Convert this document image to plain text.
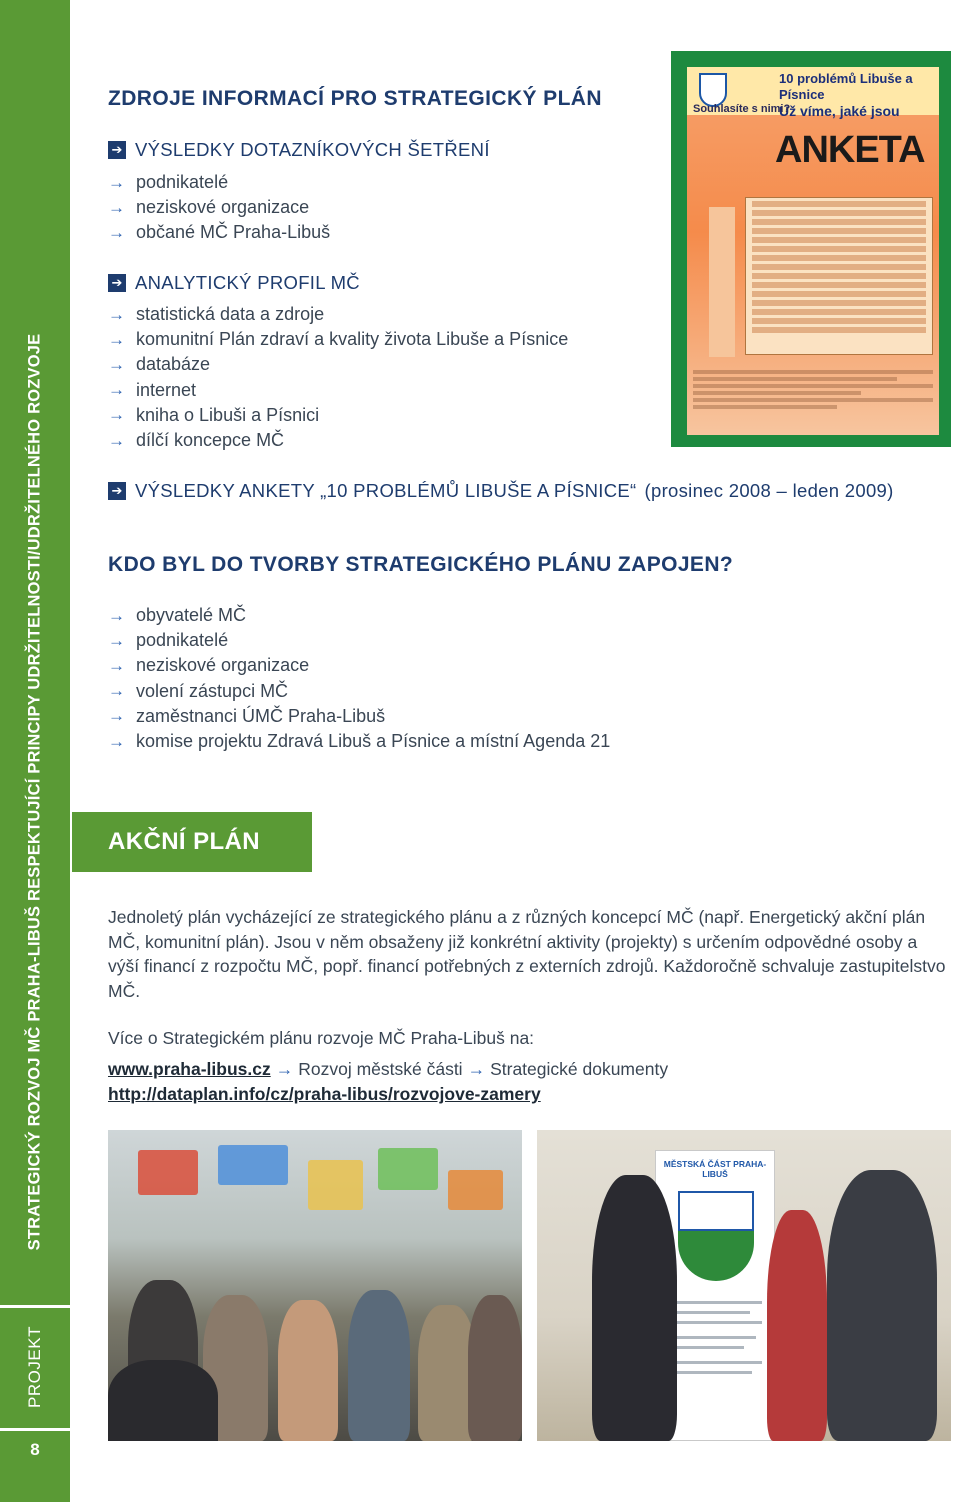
STRATEGICKÝ ROZVOJ MČ PRAHA-LIBUŠ RESPEKTUJÍCÍ PRINCIPY UDRŽITELNOSTI/UDRŽITELNÉHO ROZVOJE
PROJEKT
8
ZDROJE INFORMACÍ PRO STRATEGICKÝ PLÁN
➔ VÝSLEDKY DOTAZNÍKOVÝCH ŠETŘENÍ
→ podnikatelé
→ neziskové organizace
→ občané MČ Praha-Libuš
➔ ANALYTICKÝ PROFIL MČ
→ statistická data a zdroje
→ komunitní Plán zdraví a kvality života Libuše a Písnice
→ databáze
→ internet
→ kniha o Libuši a Písnici
→ dílčí koncepce MČ
➔ VÝSLEDKY ANKETY „10 PROBLÉMŮ LIBUŠE A PÍSNICE“ (prosinec 2008 – leden 2009)
10 problémů Libuše a Písnice
Už víme, jaké jsou
Souhlasíte s nimi?
ANKETA
KDO BYL DO TVORBY STRATEGICKÉHO PLÁNU ZAPOJEN?
→ obyvatelé MČ
→ podnikatelé
→ neziskové organizace
→ volení zástupci MČ
→ zaměstnanci ÚMČ Praha-Libuš
→ komise projektu Zdravá Libuš a Písnice a místní Agenda 21
AKČNÍ PLÁN
Jednoletý plán vycházející ze strategického plánu a z různých koncepcí MČ (např. Energetický akční plán MČ, komunitní plán). Jsou v něm obsaženy již konkrétní aktivity (projekty) s určením odpovědné osoby a výší financí z rozpočtu MČ, popř. financí potřebných z externích zdrojů. Každoročně schvaluje zastupitelstvo MČ.
Více o Strategickém plánu rozvoje MČ Praha-Libuš na:
www.praha-libus.cz → Rozvoj městské části → Strategické dokumenty
http://dataplan.info/cz/praha-libus/rozvojove-zamery
MĚSTSKÁ ČÁST PRAHA-LIBUŠ
